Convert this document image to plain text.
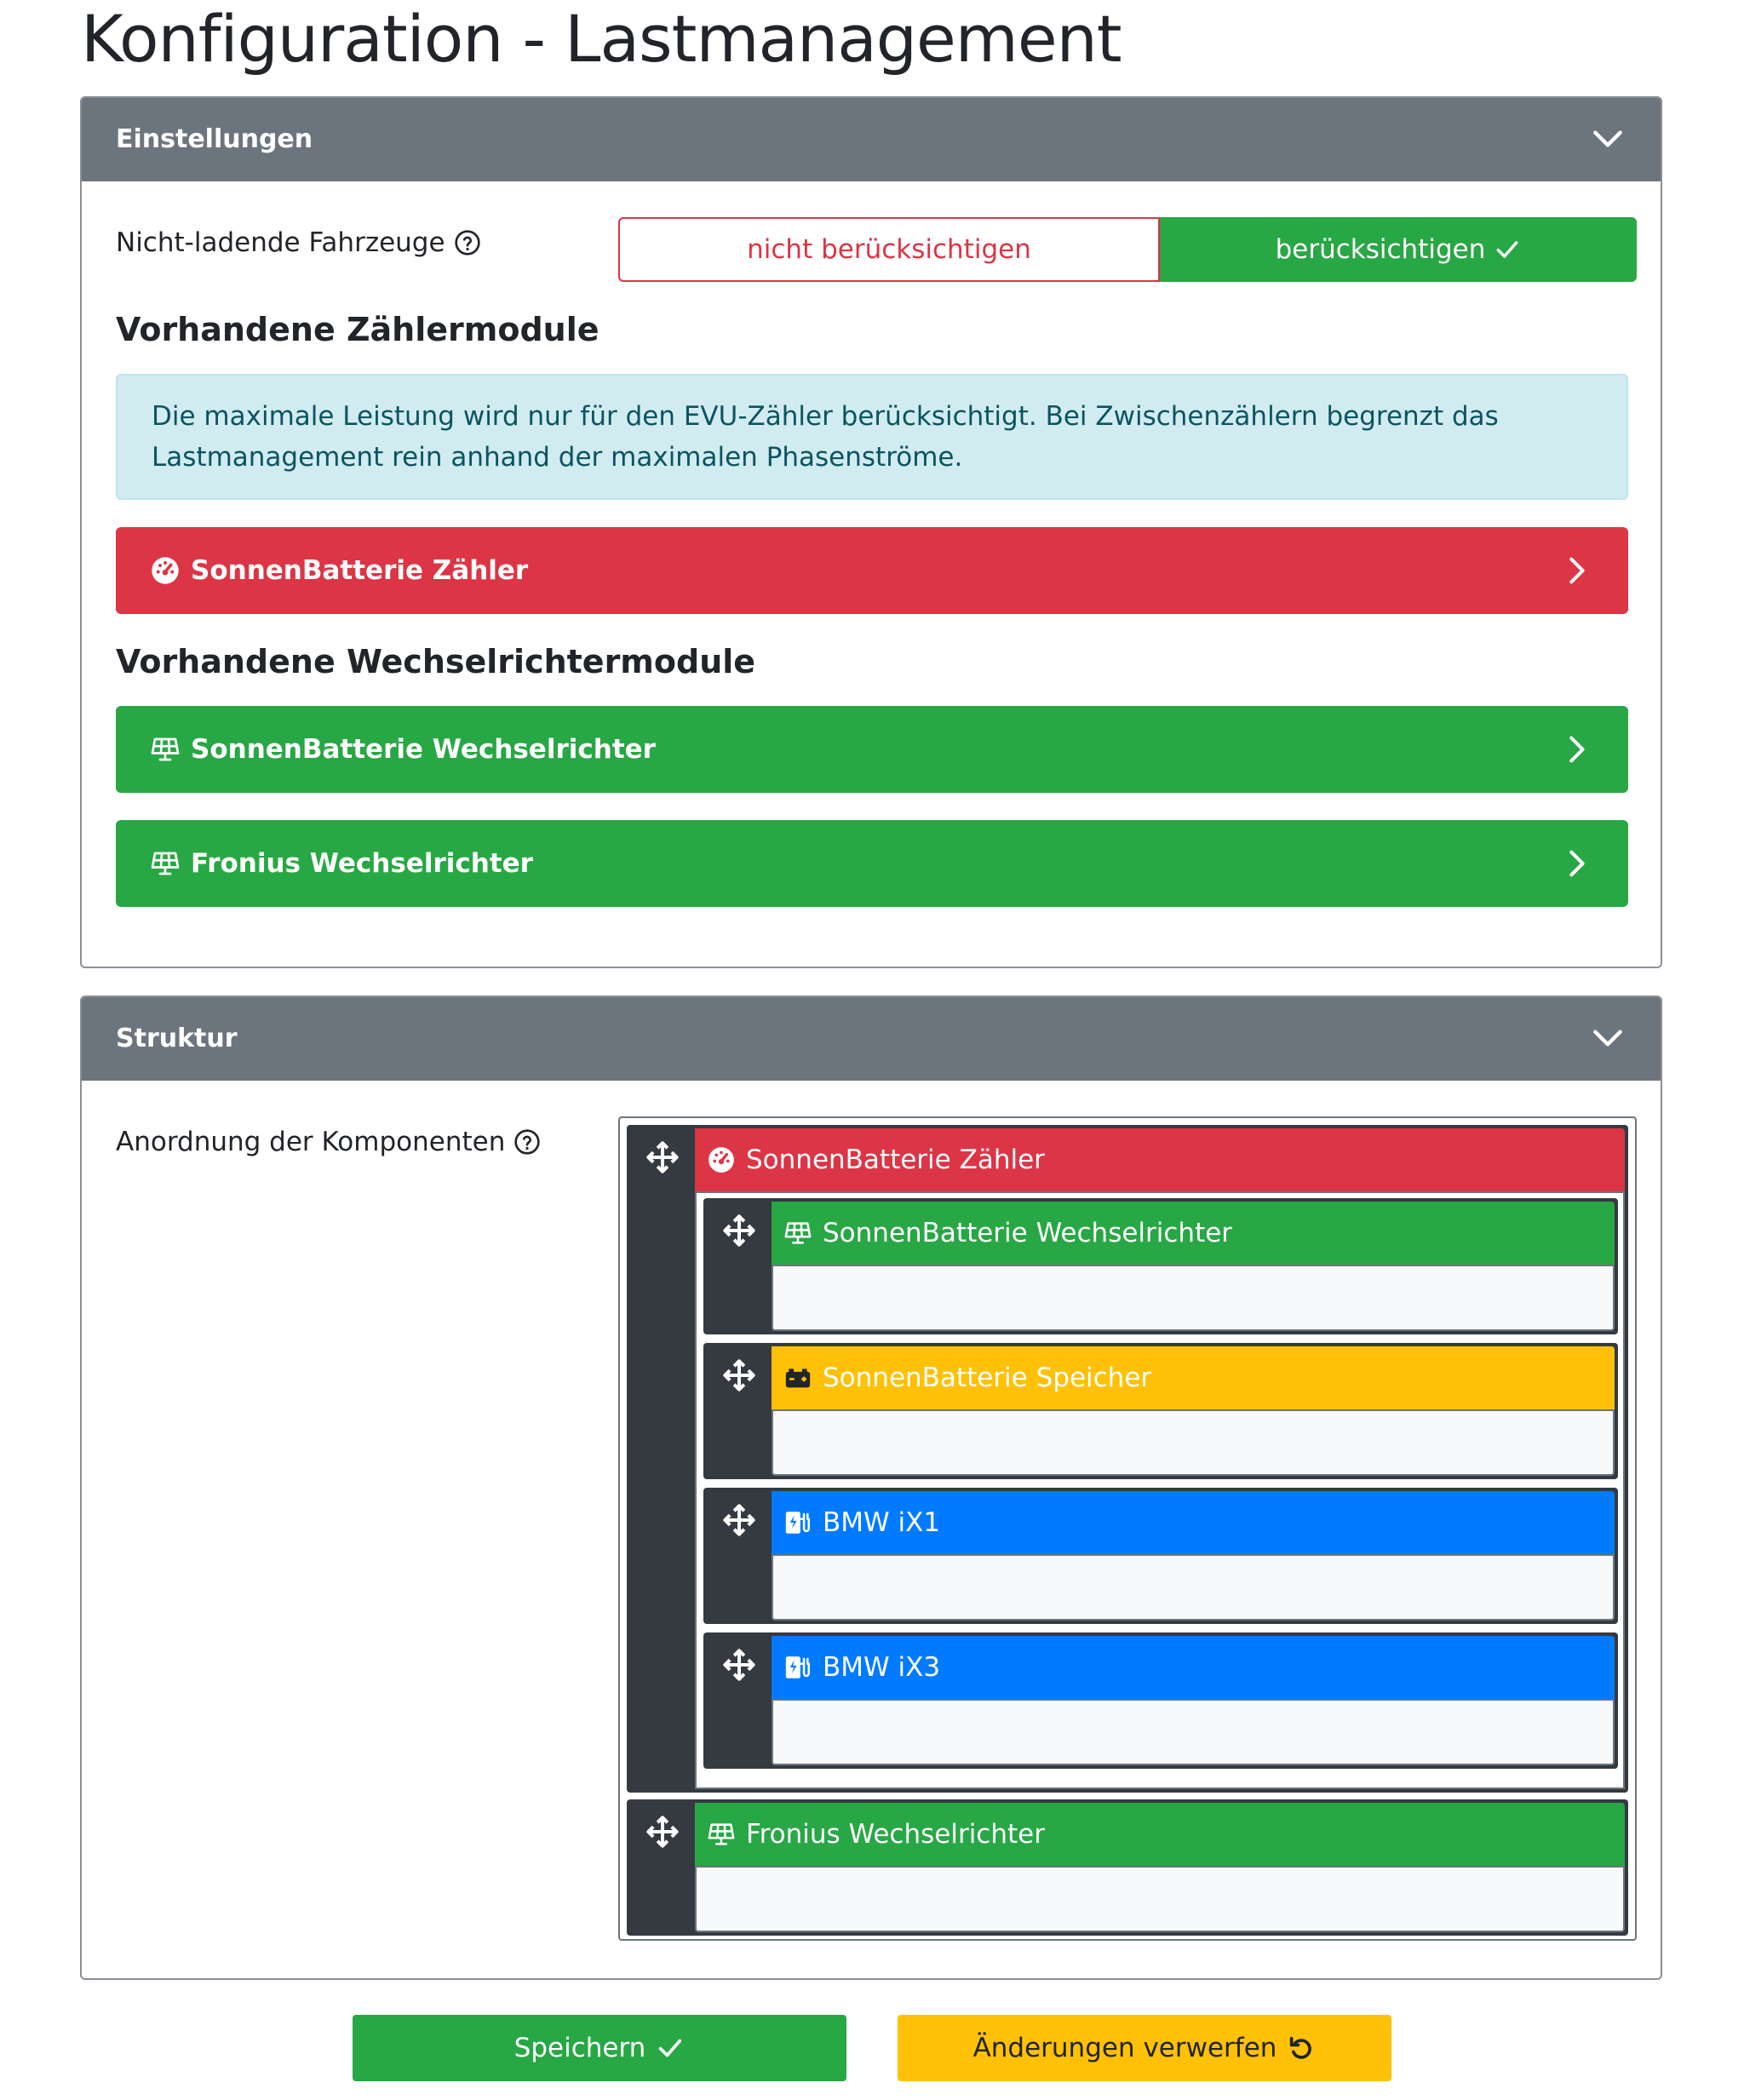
Konfiguration - Lastmanagement
Einstellungen
Nicht-ladende Fahrzeuge	nicht berücksichtigen	berücksichtigen
Vorhandene Zählermodule
Die maximale Leistung wird nur für den EVU-Zähler berücksichtigt. Bei Zwischenzählern begrenzt das Lastmanagement rein anhand der maximalen Phasenströme.
SonnenBatterie Zähler
Vorhandene Wechselrichtermodule
SonnenBatterie Wechselrichter
Fronius Wechselrichter
Struktur
Anordnung der Komponenten
SonnenBatterie Zähler
SonnenBatterie Wechselrichter
SonnenBatterie Speicher
BMW iX1
BMW iX3
Fronius Wechselrichter
Speichern	Änderungen verwerfen
